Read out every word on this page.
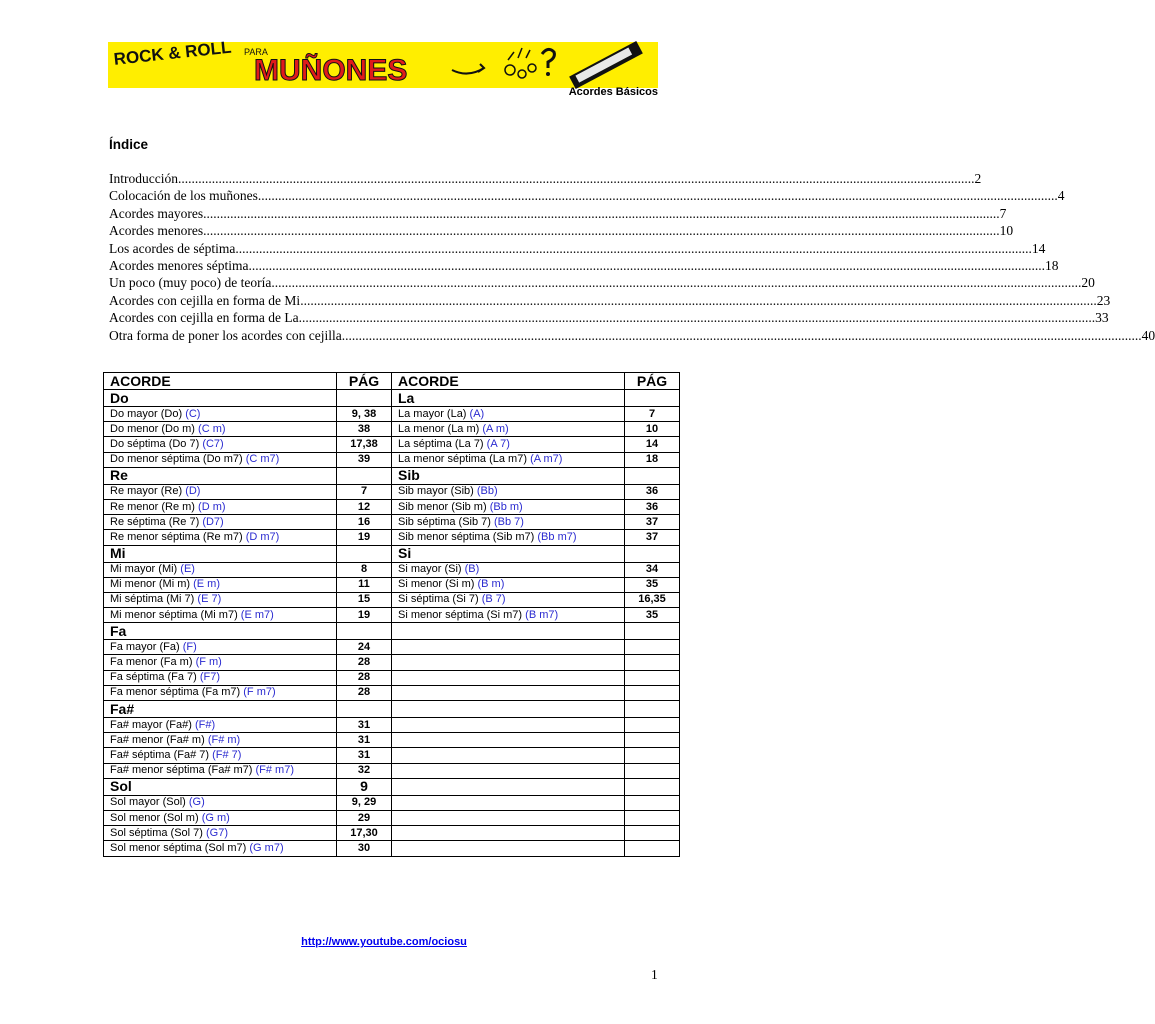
ROCK & ROLL PARA
MUÑONES
Acordes Básicos
Índice
Introducción .....	2
Colocación de los muñones. .....	4
Acordes mayores .....	7
Acordes menores .....	10
Los acordes de séptima .....	14
Acordes menores séptima .....	18
Un poco (muy poco) de teoría.... .....	20
Acordes con cejilla en forma de Mi .....	23
Acordes con cejilla en forma de La .....	33
Otra forma de poner los acordes con cejilla. .....	40
ACORDE	PÁG	ACORDE	PÁG
Do		La	
Do mayor (Do) (C)	9, 38	La mayor (La) (A)	7
Do menor (Do m) (C m)	38	La menor (La m) (A m)	10
Do séptima (Do 7) (C7)	17,38	La séptima (La 7) (A 7)	14
Do menor séptima (Do m7) (C m7)	39	La menor séptima (La m7) (A m7)	18
Re		Sib	
Re mayor (Re) (D)	7	Sib mayor (Sib) (Bb)	36
Re menor (Re m) (D m)	12	Sib menor (Sib m) (Bb m)	36
Re séptima (Re 7) (D7)	16	Sib séptima (Sib 7) (Bb 7)	37
Re menor séptima (Re m7) (D m7)	19	Sib menor séptima (Sib m7) (Bb m7)	37
Mi		Si	
Mi mayor (Mi) (E)	8	Si mayor (Si) (B)	34
Mi menor (Mi m) (E m)	11	Si menor (Si m) (B m)	35
Mi séptima (Mi 7) (E 7)	15	Si séptima (Si 7) (B 7)	16,35
Mi menor séptima (Mi m7) (E m7)	19	Si menor séptima (Si m7) (B m7)	35
Fa			
Fa mayor (Fa) (F)	24		
Fa menor (Fa m) (F m)	28		
Fa séptima (Fa 7) (F7)	28		
Fa menor séptima (Fa m7) (F m7)	28		
Fa#			
Fa# mayor (Fa#) (F#)	31		
Fa# menor (Fa# m) (F# m)	31		
Fa# séptima (Fa# 7) (F# 7)	31		
Fa# menor séptima (Fa# m7) (F# m7)	32		
Sol	9		
Sol mayor (Sol) (G)	9, 29		
Sol menor (Sol m) (G m)	29		
Sol séptima (Sol 7) (G7)	17,30		
Sol menor séptima (Sol m7) (G m7)	30		
http://www.youtube.com/ociosu
1
